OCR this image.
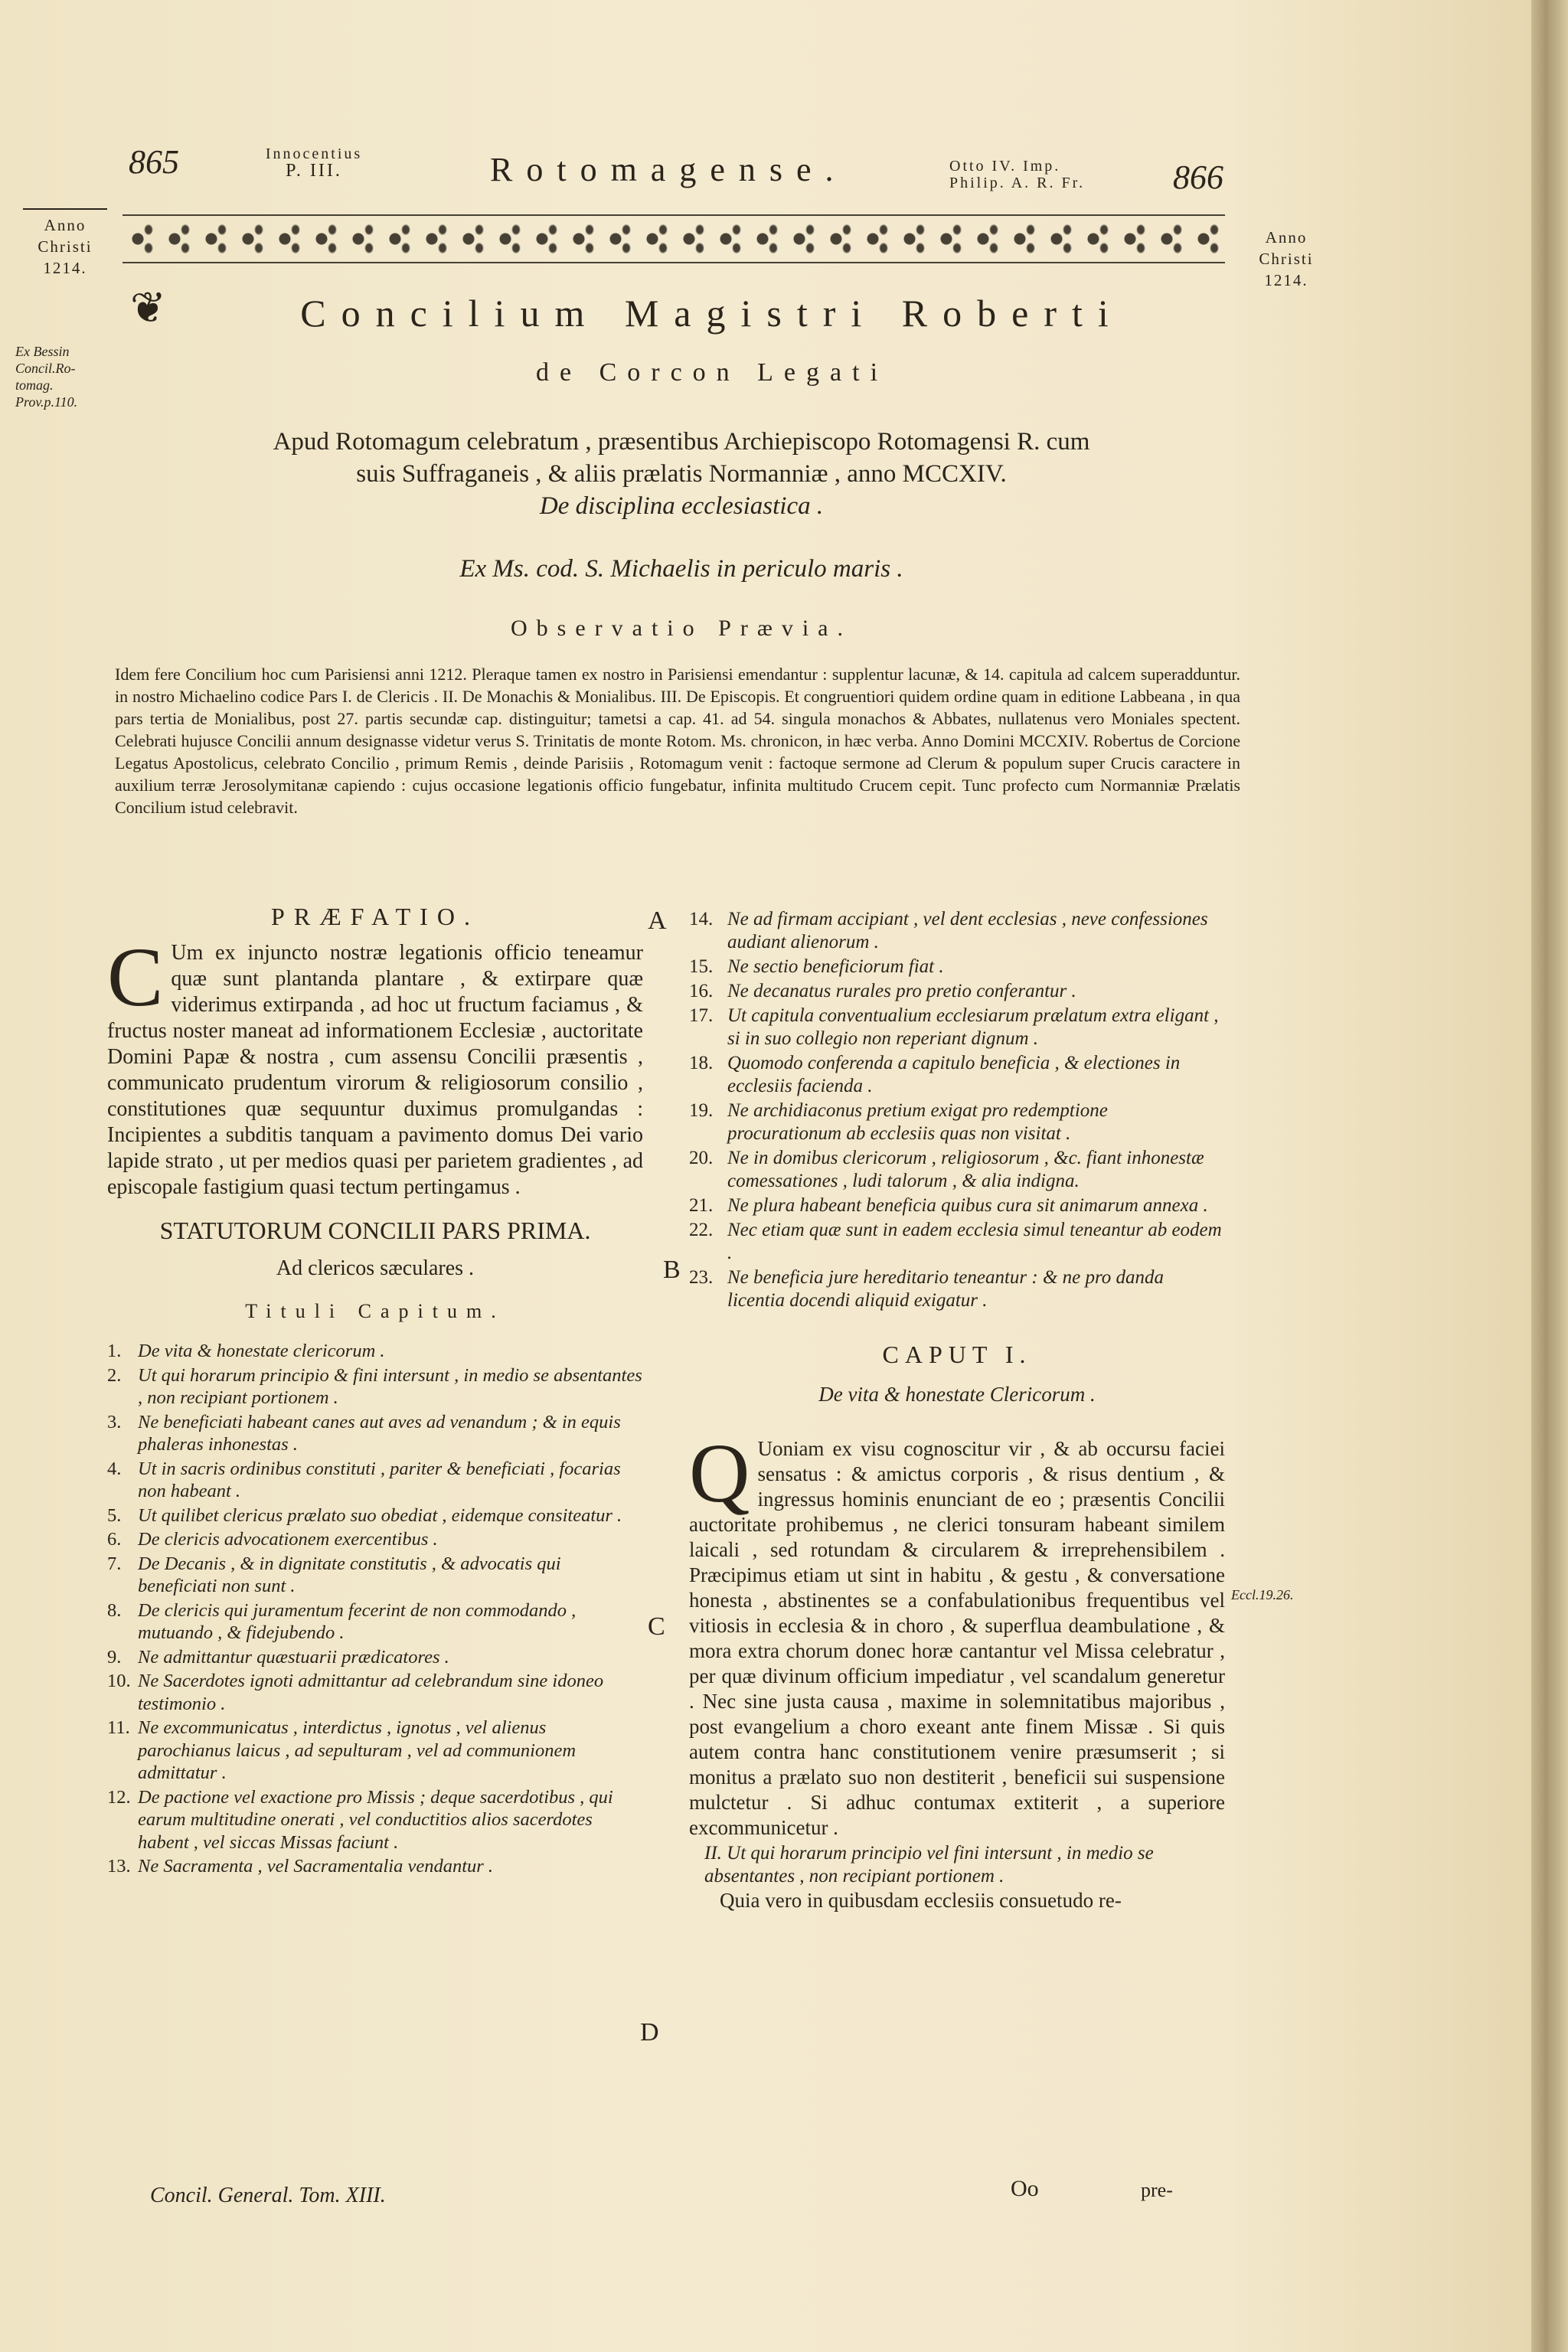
865	Innocentius
P. III.	Rotomagense.	Otto IV. Imp.
Philip. A. R. Fr.	866
Anno
Christi
1214.
Anno
Christi
1214.
Ex Bessin
Concil.Ro-
tomag.
Prov.p.110.
❦	Concilium Magistri Roberti
de Corcon Legati
Apud Rotomagum celebratum , præsentibus Archiepiscopo Rotomagensi R. cum
suis Suffraganeis , & aliis prælatis Normanniæ , anno MCCXIV.
De disciplina ecclesiastica .
Ex Ms. cod. S. Michaelis in periculo maris .
Observatio Prævia.
Idem fere Concilium hoc cum Parisiensi anni 1212. Pleraque tamen ex nostro in Parisiensi emendantur : supplentur lacunæ, & 14. capitula ad calcem superadduntur. in nostro Michaelino codice Pars I. de Clericis . II. De Monachis & Monialibus. III. De Episcopis. Et congruentiori quidem ordine quam in editione Labbeana , in qua pars tertia de Monialibus, post 27. partis secundæ cap. distinguitur; tametsi a cap. 41. ad 54. singula monachos & Abbates, nullatenus vero Moniales spectent. Celebrati hujusce Concilii annum designasse videtur verus S. Trinitatis de monte Rotom. Ms. chronicon, in hæc verba. Anno Domini MCCXIV. Robertus de Corcione Legatus Apostolicus, celebrato Concilio , primum Remis , deinde Parisiis , Rotomagum venit : factoque sermone ad Clerum & populum super Crucis caractere in auxilium terræ Jerosolymitanæ capiendo : cujus occasione legationis officio fungebatur, infinita multitudo Crucem cepit. Tunc profecto cum Normanniæ Prælatis Concilium istud celebravit.
PRÆFATIO.
C Um ex injuncto nostræ legationis officio teneamur quæ sunt plantanda plantare , & extirpare quæ viderimus extirpanda , ad hoc ut fructum faciamus , & fructus noster maneat ad informationem Ecclesiæ , auctoritate Domini Papæ & nostra , cum assensu Concilii præsentis , communicato prudentum virorum & religiosorum consilio , constitutiones quæ sequuntur duximus promulgandas : Incipientes a subditis tanquam a pavimento domus Dei vario lapide strato , ut per medios quasi per parietem gradientes , ad episcopale fastigium quasi tectum pertingamus .
STATUTORUM CONCILII PARS PRIMA.
Ad clericos sæculares .
Tituli Capitum.
1. De vita & honestate clericorum .
2. Ut qui horarum principio & fini intersunt , in medio se absentantes , non recipiant portionem .
3. Ne beneficiati habeant canes aut aves ad venandum ; & in equis phaleras inhonestas .
4. Ut in sacris ordinibus constituti , pariter & beneficiati , focarias non habeant .
5. Ut quilibet clericus prælato suo obediat , eidemque consiteatur .
6. De clericis advocationem exercentibus .
7. De Decanis , & in dignitate constitutis , & advocatis qui beneficiati non sunt .
8. De clericis qui juramentum fecerint de non commodando , mutuando , & fidejubendo .
9. Ne admittantur quæstuarii prædicatores .
10. Ne Sacerdotes ignoti admittantur ad celebrandum sine idoneo testimonio .
11. Ne excommunicatus , interdictus , ignotus , vel alienus parochianus laicus , ad sepulturam , vel ad communionem admittatur .
12. De pactione vel exactione pro Missis ; deque sacerdotibus , qui earum multitudine onerati , vel conductitios alios sacerdotes habent , vel siccas Missas faciunt .
13. Ne Sacramenta , vel Sacramentalia vendantur .
Concil. General. Tom. XIII.
A
B
C
D
14. Ne ad firmam accipiant , vel dent ecclesias , neve confessiones audiant alienorum .
15. Ne sectio beneficiorum fiat .
16. Ne decanatus rurales pro pretio conferantur .
17. Ut capitula conventualium ecclesiarum prælatum extra eligant , si in suo collegio non reperiant dignum .
18. Quomodo conferenda a capitulo beneficia , & electiones in ecclesiis facienda .
19. Ne archidiaconus pretium exigat pro redemptione procurationum ab ecclesiis quas non visitat .
20. Ne in domibus clericorum , religiosorum , &c. fiant inhonestæ comessationes , ludi talorum , & alia indigna.
21. Ne plura habeant beneficia quibus cura sit animarum annexa .
22. Nec etiam quæ sunt in eadem ecclesia simul teneantur ab eodem .
23. Ne beneficia jure hereditario teneantur : & ne pro danda licentia docendi aliquid exigatur .
CAPUT I.
De vita & honestate Clericorum .
Q Uoniam ex visu cognoscitur vir , & ab occursu faciei sensatus : & amictus corporis , & risus dentium , & ingressus hominis enunciant de eo ; præsentis Concilii auctoritate prohibemus , ne clerici tonsuram habeant similem laicali , sed rotundam & circularem & irreprehensibilem . Præcipimus etiam ut sint in habitu , & gestu , & conversatione honesta , abstinentes se a confabulationibus frequentibus vel vitiosis in ecclesia & in choro , & superflua deambulatione , & mora extra chorum donec horæ cantantur vel Missa celebratur , per quæ divinum officium impediatur , vel scandalum generetur . Nec sine justa causa , maxime in solemnitatibus majoribus , post evangelium a choro exeant ante finem Missæ . Si quis autem contra hanc constitutionem venire præsumserit ; si monitus a prælato suo non destiterit , beneficii sui suspensione mulctetur . Si adhuc contumax extiterit , a superiore excommunicetur .
II. Ut qui horarum principio vel fini intersunt , in medio se absentantes , non recipiant portionem .
Quia vero in quibusdam ecclesiis consuetudo re-
Eccl.19.26.
Oo	pre-
